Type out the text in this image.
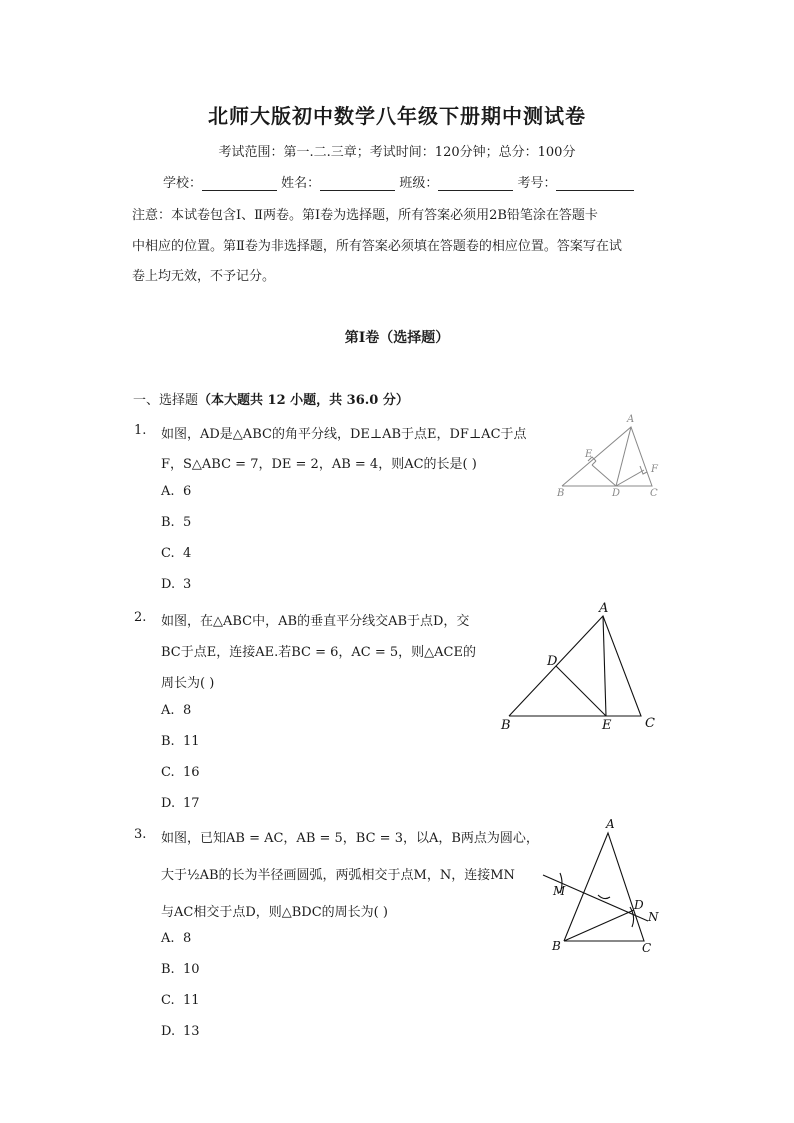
北师大版初中数学八年级下册期中测试卷
考试范围：第一.二.三章；考试时间：120分钟；总分：100分
学校：	姓名：	班级：	考号：
注意：本试卷包含Ⅰ、Ⅱ两卷。第Ⅰ卷为选择题，所有答案必须用2B铅笔涂在答题卡
中相应的位置。第Ⅱ卷为非选择题，所有答案必须填在答题卷的相应位置。答案写在试
卷上均无效，不予记分。
第Ⅰ卷（选择题）
一、选择题（本大题共 12 小题，共 36.0 分）
1. 如图，AD是△ABC的角平分线，DE⊥AB于点E，DF⊥AC于点
F，S△ABC = 7，DE = 2，AB = 4，则AC的长是( )
A. 6
B. 5
C. 4
D. 3
A
E
F
B	D	C
2. 如图，在△ABC中，AB的垂直平分线交AB于点D，交
BC于点E，连接AE.若BC = 6，AC = 5，则△ACE的
周长为( )
A. 8
B. 11
C. 16
D. 17
A
D
B	E	C
3. 如图，已知AB = AC，AB = 5，BC = 3，以A，B两点为圆心，
大于½AB的长为半径画圆弧，两弧相交于点M，N，连接MN
与AC相交于点D，则△BDC的周长为( )
A. 8
B. 10
C. 11
D. 13
A
M
D
N
B	C
